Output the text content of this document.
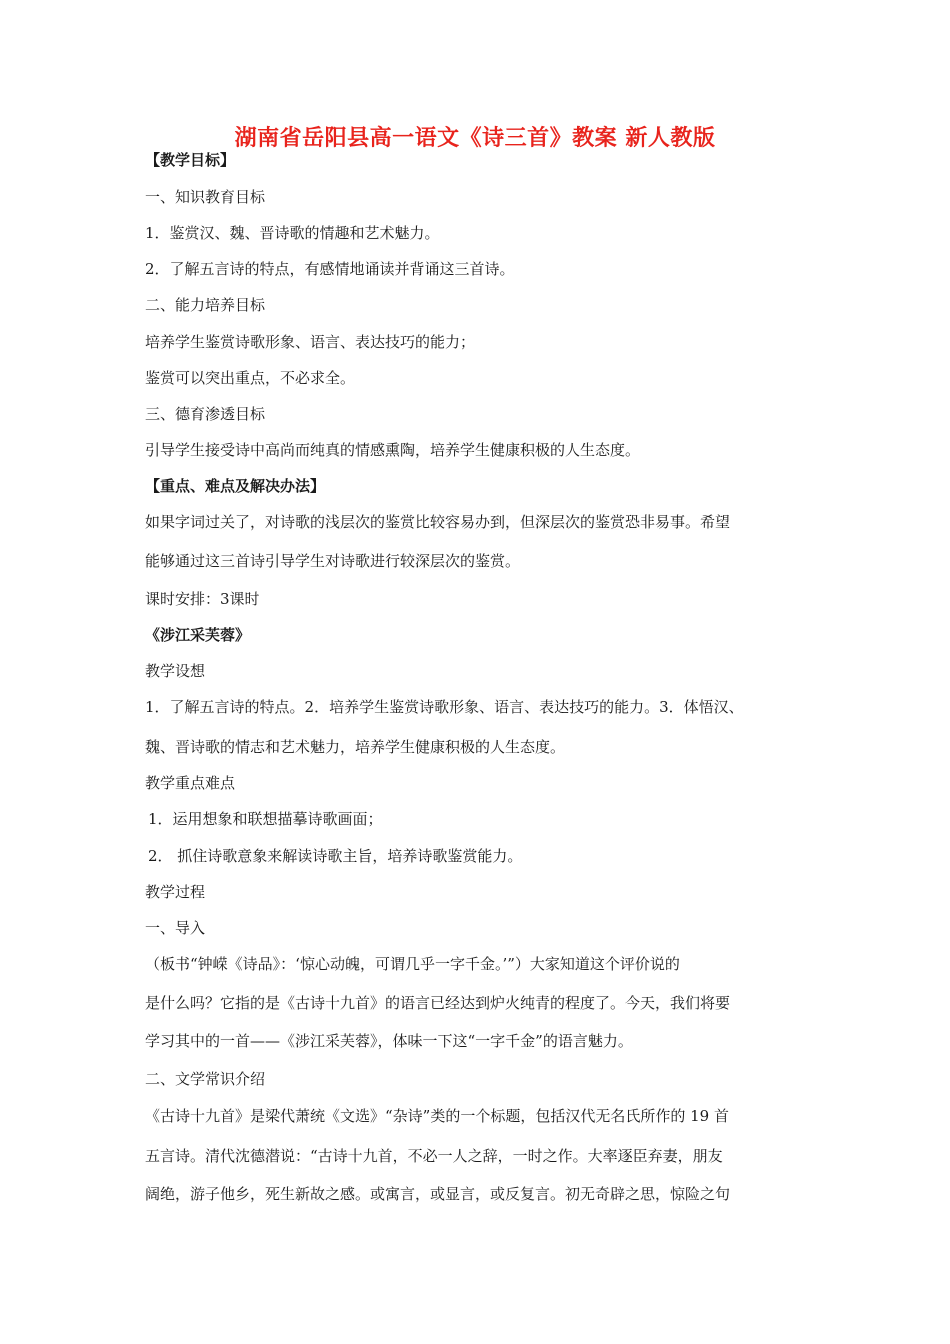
湖南省岳阳县高一语文《诗三首》教案 新人教版
【教学目标】
一、知识教育目标
1．鉴赏汉、魏、晋诗歌的情趣和艺术魅力。
2．了解五言诗的特点，有感情地诵读并背诵这三首诗。
二、能力培养目标
培养学生鉴赏诗歌形象、语言、表达技巧的能力；
鉴赏可以突出重点，不必求全。
三、德育渗透目标
引导学生接受诗中高尚而纯真的情感熏陶，培养学生健康积极的人生态度。
【重点、难点及解决办法】
如果字词过关了，对诗歌的浅层次的鉴赏比较容易办到，但深层次的鉴赏恐非易事。希望
能够通过这三首诗引导学生对诗歌进行较深层次的鉴赏。
课时安排：3课时
《涉江采芙蓉》
教学设想
1．了解五言诗的特点。2．培养学生鉴赏诗歌形象、语言、表达技巧的能力。3．体悟汉、
魏、晋诗歌的情志和艺术魅力，培养学生健康积极的人生态度。
教学重点难点
1．运用想象和联想描摹诗歌画面；
2． 抓住诗歌意象来解读诗歌主旨，培养诗歌鉴赏能力。
教学过程
一、导入
（板书“钟嵘《诗品》：‘惊心动魄，可谓几乎一字千金。’”）大家知道这个评价说的
是什么吗？它指的是《古诗十九首》的语言已经达到炉火纯青的程度了。今天，我们将要
学习其中的一首——《涉江采芙蓉》，体味一下这“一字千金”的语言魅力。
二、文学常识介绍
《古诗十九首》是梁代萧统《文选》“杂诗”类的一个标题，包括汉代无名氏所作的 19 首
五言诗。清代沈德潜说：“古诗十九首，不必一人之辞，一时之作。大率逐臣弃妻，朋友
阔绝，游子他乡，死生新故之感。或寓言，或显言，或反复言。初无奇辟之思，惊险之句
